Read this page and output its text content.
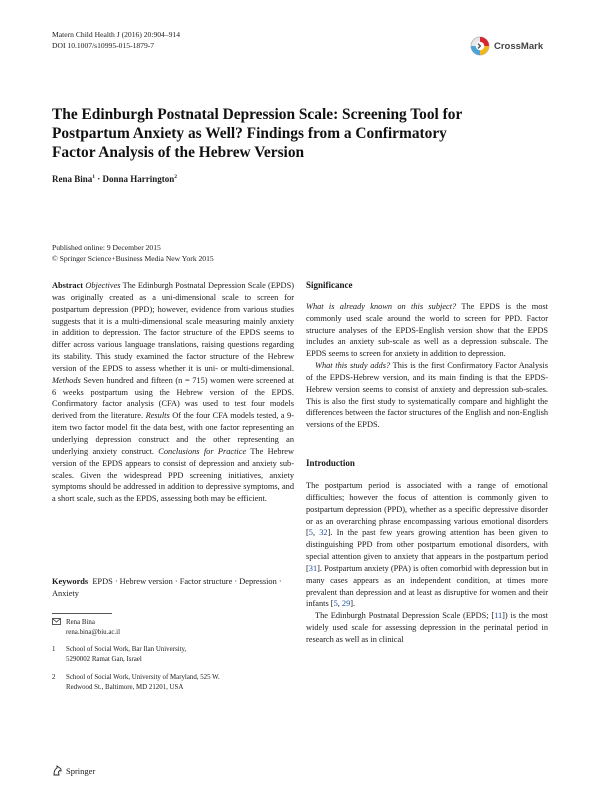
Matern Child Health J (2016) 20:904–914
DOI 10.1007/s10995-015-1879-7	CrossMark
The Edinburgh Postnatal Depression Scale: Screening Tool for Postpartum Anxiety as Well? Findings from a Confirmatory Factor Analysis of the Hebrew Version
Rena Bina$^1$ · Donna Harrington$^2$
Published online: 9 December 2015
© Springer Science+Business Media New York 2015

Abstract Objectives The Edinburgh Postnatal Depression Scale (EPDS) was originally created as a uni-dimensional scale to screen for postpartum depression (PPD); however, evidence from various studies suggests that it is a multi-dimensional scale measuring mainly anxiety in addition to depression. The factor structure of the EPDS seems to differ across various language translations, raising questions regarding its stability. This study examined the factor structure of the Hebrew version of the EPDS to assess whether it is uni- or multi-dimensional. Methods Seven hundred and fifteen (n = 715) women were screened at 6 weeks postpartum using the Hebrew version of the EPDS. Confirmatory factor analysis (CFA) was used to test four models derived from the literature. Results Of the four CFA models tested, a 9-item two factor model fit the data best, with one factor representing an underlying depression construct and the other representing an underlying anxiety construct. Conclusions for Practice The Hebrew version of the EPDS appears to consist of depression and anxiety sub-scales. Given the widespread PPD screening initiatives, anxiety symptoms should be addressed in addition to depressive symptoms, and a short scale, such as the EPDS, assessing both may be efficient.

Keywords EPDS · Hebrew version · Factor structure · Depression · Anxiety
Rena Bina
rena.bina@biu.ac.il
1	School of Social Work, Bar Ilan University,
5290002 Ramat Gan, Israel
2	School of Social Work, University of Maryland, 525 W.
Redwood St., Baltimore, MD 21201, USA
Springer
Significance

What is already known on this subject? The EPDS is the most commonly used scale around the world to screen for PPD. Factor structure analyses of the EPDS-English version show that the EPDS includes an anxiety sub-scale as well as a depression subscale. The EPDS seems to screen for anxiety in addition to depression.

What this study adds? This is the first Confirmatory Factor Analysis of the EPDS-Hebrew version, and its main finding is that the EPDS-Hebrew version seems to consist of anxiety and depression sub-scales. This is also the first study to systematically compare and highlight the differences between the factor structures of the English and non-English versions of the EPDS.

Introduction

The postpartum period is associated with a range of emotional difficulties; however the focus of attention is commonly given to postpartum depression (PPD), whether as a specific depressive disorder or as an overarching phrase encompassing various emotional disorders [5, 32]. In the past few years growing attention has been given to distinguishing PPD from other postpartum emotional disorders, with special attention given to anxiety that appears in the postpartum period [31]. Postpartum anxiety (PPA) is often comorbid with depression but in many cases appears as an independent condition, at times more prevalent than depression and at least as disruptive for women and their infants [5, 29].

The Edinburgh Postnatal Depression Scale (EPDS; [11]) is the most widely used scale for assessing depression in the perinatal period in research as well as in clinical
